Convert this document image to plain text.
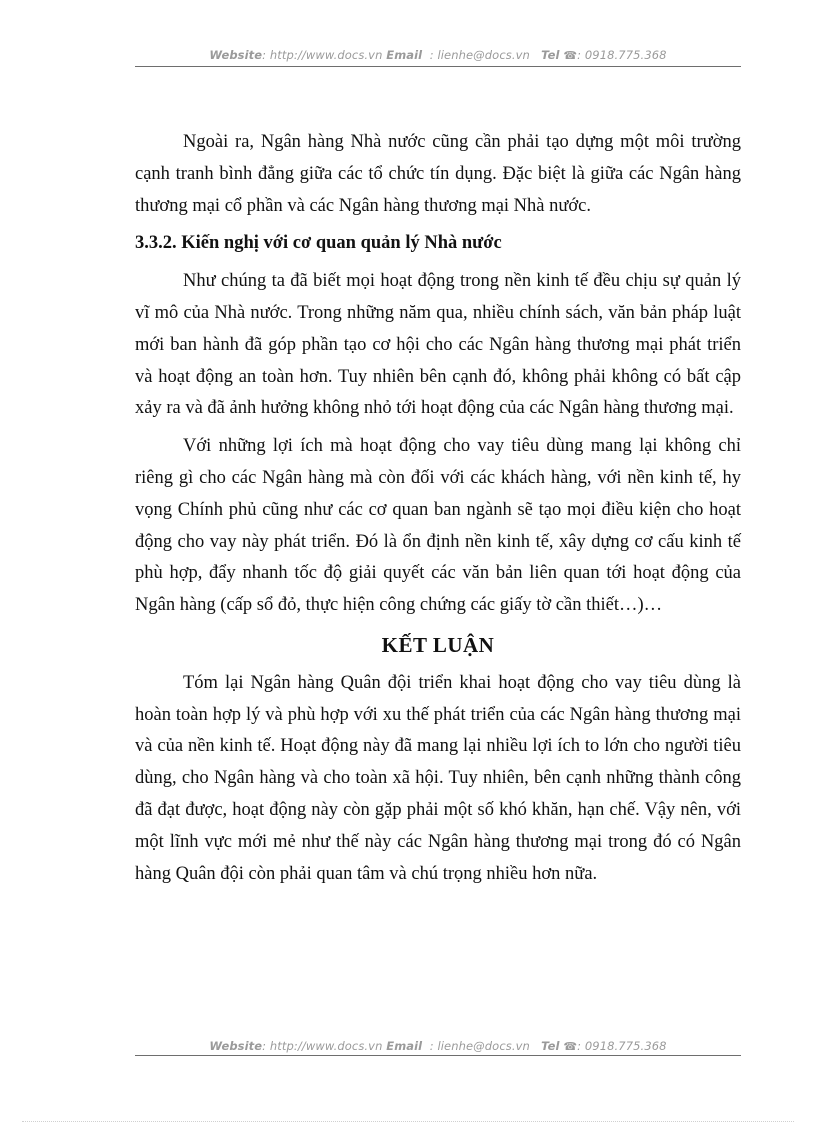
Website: http://www.docs.vn Email : lienhe@docs.vn Tel ☎: 0918.775.368

Ngoài ra, Ngân hàng Nhà nước cũng cần phải tạo dựng một môi trường cạnh tranh bình đẳng giữa các tổ chức tín dụng. Đặc biệt là giữa các Ngân hàng thương mại cổ phần và các Ngân hàng thương mại Nhà nước.

3.3.2. Kiến nghị với cơ quan quản lý Nhà nước

Như chúng ta đã biết mọi hoạt động trong nền kinh tế đều chịu sự quản lý vĩ mô của Nhà nước. Trong những năm qua, nhiều chính sách, văn bản pháp luật mới ban hành đã góp phần tạo cơ hội cho các Ngân hàng thương mại phát triển và hoạt động an toàn hơn. Tuy nhiên bên cạnh đó, không phải không có bất cập xảy ra và đã ảnh hưởng không nhỏ tới hoạt động của các Ngân hàng thương mại.

Với những lợi ích mà hoạt động cho vay tiêu dùng mang lại không chỉ riêng gì cho các Ngân hàng mà còn đối với các khách hàng, với nền kinh tế, hy vọng Chính phủ cũng như các cơ quan ban ngành sẽ tạo mọi điều kiện cho hoạt động cho vay này phát triển. Đó là ổn định nền kinh tế, xây dựng cơ cấu kinh tế phù hợp, đẩy nhanh tốc độ giải quyết các văn bản liên quan tới hoạt động của Ngân hàng (cấp sổ đỏ, thực hiện công chứng các giấy tờ cần thiết…)…

KẾT LUẬN

Tóm lại Ngân hàng Quân đội triển khai hoạt động cho vay tiêu dùng là hoàn toàn hợp lý và phù hợp với xu thế phát triển của các Ngân hàng thương mại và của nền kinh tế. Hoạt động này đã mang lại nhiều lợi ích to lớn cho người tiêu dùng, cho Ngân hàng và cho toàn xã hội. Tuy nhiên, bên cạnh những thành công đã đạt được, hoạt động này còn gặp phải một số khó khăn, hạn chế. Vậy nên, với một lĩnh vực mới mẻ như thế này các Ngân hàng thương mại trong đó có Ngân hàng Quân đội còn phải quan tâm và chú trọng nhiều hơn nữa.

Website: http://www.docs.vn Email : lienhe@docs.vn Tel ☎: 0918.775.368
